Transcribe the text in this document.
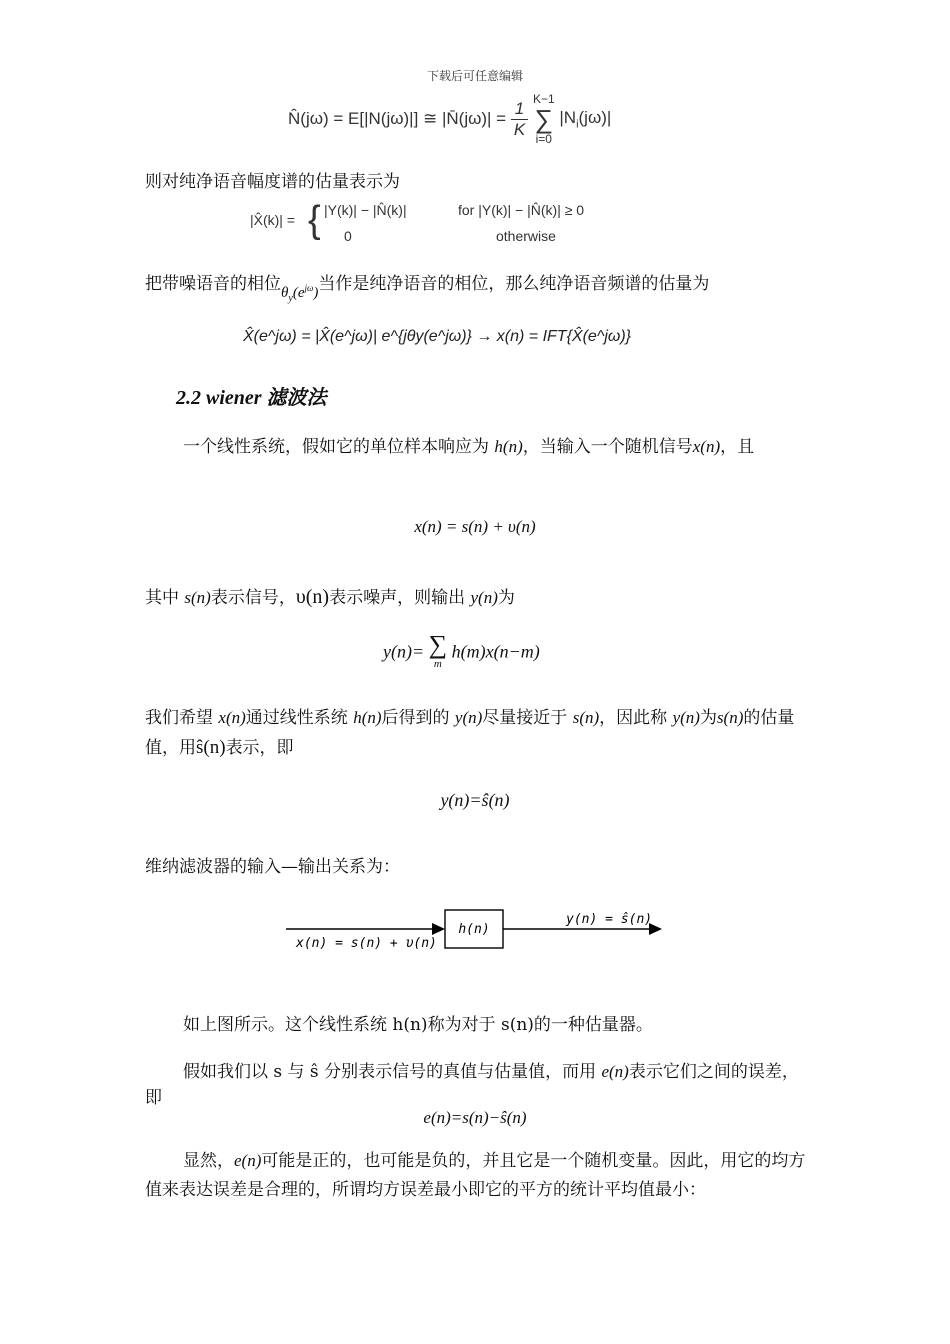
下载后可任意编辑
N̂(jω) = E[|N(jω)|] ≅ |N̄(jω)| = $\frac{1}{K}$
K−1
∑
i=0
$|N_i(j\omega)|$
则对纯净语音幅度谱的估量表示为
|X̂(k)| = { |Y(k)| − |N̂(k)|	for |Y(k)| − |N̂(k)| ≥ 0
0	otherwise
把带噪语音的相位$\theta_y(e^{j\omega})$当作是纯净语音的相位，那么纯净语音频谱的估量为
X̂(e^jω) = |X̂(e^jω)| e^{jθy(e^jω)} → x(n) = IFT{X̂(e^jω)}
2.2 wiener 滤波法
一个线性系统，假如它的单位样本响应为 h(n)，当输入一个随机信号x(n)，且
x(n) = s(n) + υ(n)
其中 s(n)表示信号，υ(n)表示噪声，则输出 y(n)为
y(n)= ∑
m
h(m)x(n−m)
我们希望 x(n)通过线性系统 h(n)后得到的 y(n)尽量接近于 s(n)，因此称 y(n)为s(n)的估量值，用ŝ(n)表示，即
y(n)=ŝ(n)
维纳滤波器的输入—输出关系为：
h(n)
x(n) = s(n) + υ(n)
y(n) = ŝ(n)
如上图所示。这个线性系统 h(n)称为对于 s(n)的一种估量器。
假如我们以 s 与 ŝ 分别表示信号的真值与估量值，而用 e(n)表示它们之间的误差，即
e(n)=s(n)−ŝ(n)
显然，e(n)可能是正的，也可能是负的，并且它是一个随机变量。因此，用它的均方值来表达误差是合理的，所谓均方误差最小即它的平方的统计平均值最小：
